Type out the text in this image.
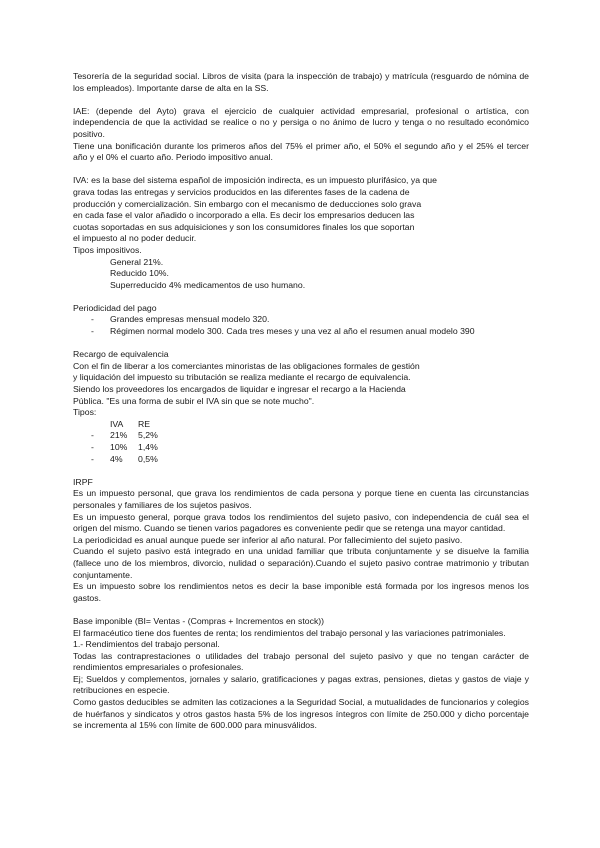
Tesorería de la seguridad social. Libros de visita (para la inspección de trabajo) y matrícula (resguardo de nómina de los empleados). Importante darse de alta en la SS.

IAE: (depende del Ayto) grava el ejercicio de cualquier actividad empresarial, profesional o artística, con independencia de que la actividad se realice o no y persiga o no ánimo de lucro y tenga o no resultado económico positivo.

Tiene una bonificación durante los primeros años del 75% el primer año, el 50% el segundo año y el 25% el tercer año y el 0% el cuarto año. Periodo impositivo anual.

IVA: es la base del sistema español de imposición indirecta, es un impuesto plurifásico, ya que

grava todas las entregas y servicios producidos en las diferentes fases de la cadena de

producción y comercialización. Sin embargo con el mecanismo de deducciones solo grava

en cada fase el valor añadido o incorporado a ella. Es decir los empresarios deducen las

cuotas soportadas en sus adquisiciones y son los consumidores finales los que soportan

el impuesto al no poder deducir.

Tipos impositivos.

General 21%.

Reducido 10%.

Superreducido 4% medicamentos de uso humano.

Periodicidad del pago

-	Grandes empresas mensual modelo 320.
-	Régimen normal modelo 300. Cada tres meses y una vez al año el resumen anual modelo 390

Recargo de equivalencia

Con el fin de liberar a los comerciantes minoristas de las obligaciones formales de gestión

y liquidación del impuesto su tributación se realiza mediante el recargo de equivalencia.

Siendo los proveedores los encargados de liquidar e ingresar el recargo a la Hacienda

Pública. "Es una forma de subir el IVA sin que se note mucho".

Tipos:

IVA	RE
-	21%	5,2%
-	10%	1,4%
-	4%	0,5%

IRPF

Es un impuesto personal, que grava los rendimientos de cada persona y porque tiene en cuenta las circunstancias personales y familiares de los sujetos pasivos.

Es un impuesto general, porque grava todos los rendimientos del sujeto pasivo, con independencia de cuál sea el origen del mismo. Cuando se tienen varios pagadores es conveniente pedir que se retenga una mayor cantidad.

La periodicidad es anual aunque puede ser inferior al año natural. Por fallecimiento del sujeto pasivo.

Cuando el sujeto pasivo está integrado en una unidad familiar que tributa conjuntamente y se disuelve la familia (fallece uno de los miembros, divorcio, nulidad o separación).Cuando el sujeto pasivo contrae matrimonio y tributan conjuntamente.

Es un impuesto sobre los rendimientos netos es decir la base imponible está formada por los ingresos menos los gastos.

Base imponible (BI= Ventas - (Compras + Incrementos en stock))

El farmacéutico tiene dos fuentes de renta; los rendimientos del trabajo personal y las variaciones patrimoniales.

1.- Rendimientos del trabajo personal.

Todas las contraprestaciones o utilidades del trabajo personal del sujeto pasivo y que no tengan carácter de rendimientos empresariales o profesionales.

Ej; Sueldos y complementos, jornales y salario, gratificaciones y pagas extras, pensiones, dietas y gastos de viaje y retribuciones en especie.

Como gastos deducibles se admiten las cotizaciones a la Seguridad Social, a mutualidades de funcionarios y colegios de huérfanos y sindicatos y otros gastos hasta 5% de los ingresos íntegros con límite de 250.000 y dicho porcentaje se incrementa al 15% con límite de 600.000 para minusválidos.
